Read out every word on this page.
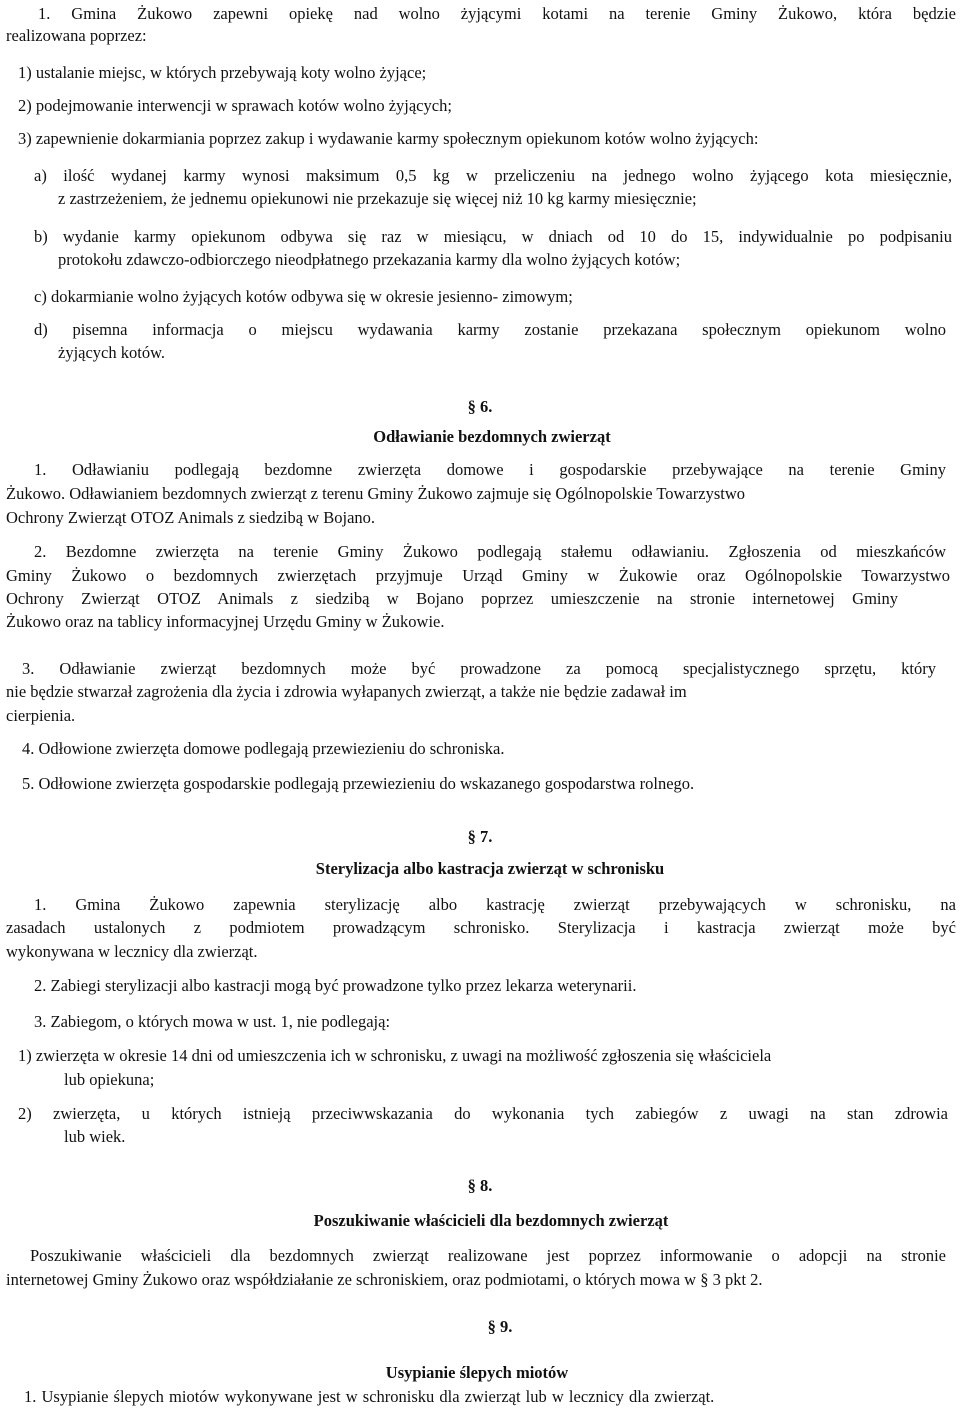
1. Gmina Żukowo zapewni opiekę nad wolno żyjącymi kotami na terenie Gminy Żukowo, która będzie

realizowana poprzez:

1) ustalanie miejsc, w których przebywają koty wolno żyjące;

2) podejmowanie interwencji w sprawach kotów wolno żyjących;

3) zapewnienie dokarmiania poprzez zakup i wydawanie karmy społecznym opiekunom kotów wolno żyjących:

a) ilość wydanej karmy wynosi maksimum 0,5 kg w przeliczeniu na jednego wolno żyjącego kota miesięcznie,

z zastrzeżeniem, że jednemu opiekunowi nie przekazuje się więcej niż 10 kg karmy miesięcznie;

b) wydanie karmy opiekunom odbywa się raz w miesiącu, w dniach od 10 do 15, indywidualnie po podpisaniu

protokołu zdawczo-odbiorczego nieodpłatnego przekazania karmy dla wolno żyjących kotów;

c) dokarmianie wolno żyjących kotów odbywa się w okresie jesienno- zimowym;

d) pisemna informacja o miejscu wydawania karmy zostanie przekazana społecznym opiekunom wolno

żyjących kotów.

§ 6.

Odławianie bezdomnych zwierząt

1. Odławianiu podlegają bezdomne zwierzęta domowe i gospodarskie przebywające na terenie Gminy

Żukowo. Odławianiem bezdomnych zwierząt z terenu Gminy Żukowo zajmuje się Ogólnopolskie Towarzystwo

Ochrony Zwierząt OTOZ Animals z siedzibą w Bojano.

2. Bezdomne zwierzęta na terenie Gminy Żukowo podlegają stałemu odławianiu. Zgłoszenia od mieszkańców

Gminy Żukowo o bezdomnych zwierzętach przyjmuje Urząd Gminy w Żukowie oraz Ogólnopolskie Towarzystwo

Ochrony Zwierząt OTOZ Animals z siedzibą w Bojano poprzez umieszczenie na stronie internetowej Gminy

Żukowo oraz na tablicy informacyjnej Urzędu Gminy w Żukowie.

3. Odławianie zwierząt bezdomnych może być prowadzone za pomocą specjalistycznego sprzętu, który

nie będzie stwarzał zagrożenia dla życia i zdrowia wyłapanych zwierząt, a także nie będzie zadawał im

cierpienia.

4. Odłowione zwierzęta domowe podlegają przewiezieniu do schroniska.

5. Odłowione zwierzęta gospodarskie podlegają przewiezieniu do wskazanego gospodarstwa rolnego.

§ 7.

Sterylizacja albo kastracja zwierząt w schronisku

1. Gmina Żukowo zapewnia sterylizację albo kastrację zwierząt przebywających w schronisku, na

zasadach ustalonych z podmiotem prowadzącym schronisko. Sterylizacja i kastracja zwierząt może być

wykonywana w lecznicy dla zwierząt.

2. Zabiegi sterylizacji albo kastracji mogą być prowadzone tylko przez lekarza weterynarii.

3. Zabiegom, o których mowa w ust. 1, nie podlegają:

1) zwierzęta w okresie 14 dni od umieszczenia ich w schronisku, z uwagi na możliwość zgłoszenia się właściciela

lub opiekuna;

2) zwierzęta, u których istnieją przeciwwskazania do wykonania tych zabiegów z uwagi na stan zdrowia

lub wiek.

§ 8.

Poszukiwanie właścicieli dla bezdomnych zwierząt

Poszukiwanie właścicieli dla bezdomnych zwierząt realizowane jest poprzez informowanie o adopcji na stronie

internetowej Gminy Żukowo oraz współdziałanie ze schroniskiem, oraz podmiotami, o których mowa w § 3 pkt 2.

§ 9.

Usypianie ślepych miotów

1. Usypianie ślepych miotów wykonywane jest w schronisku dla zwierząt lub w lecznicy dla zwierząt.
